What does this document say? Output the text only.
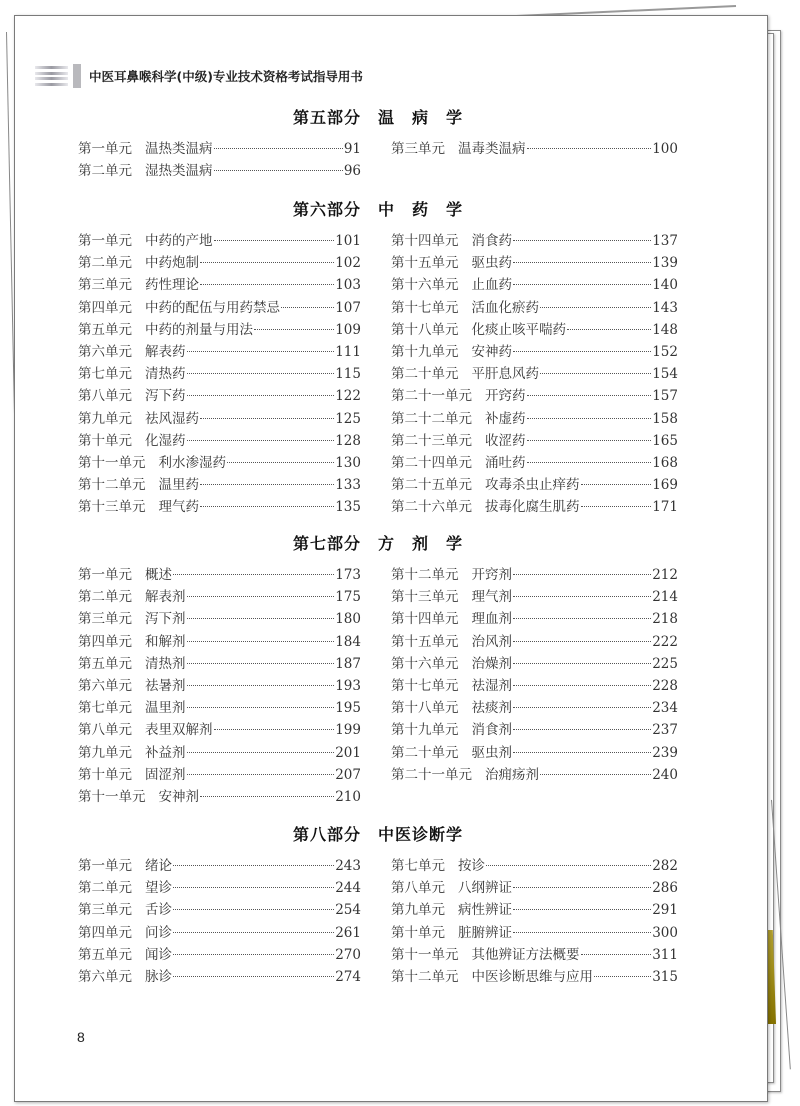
中医耳鼻喉科学(中级)专业技术资格考试指导用书
第五部分　温　病　学
第一单元 温热类温病	91
第二单元 湿热类温病	96
第三单元 温毒类温病	100
第六部分　中　药　学
第一单元 中药的产地	101
第二单元 中药炮制	102
第三单元 药性理论	103
第四单元 中药的配伍与用药禁忌	107
第五单元 中药的剂量与用法	109
第六单元 解表药	111
第七单元 清热药	115
第八单元 泻下药	122
第九单元 祛风湿药	125
第十单元 化湿药	128
第十一单元 利水渗湿药	130
第十二单元 温里药	133
第十三单元 理气药	135
第十四单元 消食药	137
第十五单元 驱虫药	139
第十六单元 止血药	140
第十七单元 活血化瘀药	143
第十八单元 化痰止咳平喘药	148
第十九单元 安神药	152
第二十单元 平肝息风药	154
第二十一单元 开窍药	157
第二十二单元 补虚药	158
第二十三单元 收涩药	165
第二十四单元 涌吐药	168
第二十五单元 攻毒杀虫止痒药	169
第二十六单元 拔毒化腐生肌药	171
第七部分　方　剂　学
第一单元 概述	173
第二单元 解表剂	175
第三单元 泻下剂	180
第四单元 和解剂	184
第五单元 清热剂	187
第六单元 祛暑剂	193
第七单元 温里剂	195
第八单元 表里双解剂	199
第九单元 补益剂	201
第十单元 固涩剂	207
第十一单元 安神剂	210
第十二单元 开窍剂	212
第十三单元 理气剂	214
第十四单元 理血剂	218
第十五单元 治风剂	222
第十六单元 治燥剂	225
第十七单元 祛湿剂	228
第十八单元 祛痰剂	234
第十九单元 消食剂	237
第二十单元 驱虫剂	239
第二十一单元 治痈疡剂	240
第八部分　中医诊断学
第一单元 绪论	243
第二单元 望诊	244
第三单元 舌诊	254
第四单元 问诊	261
第五单元 闻诊	270
第六单元 脉诊	274
第七单元 按诊	282
第八单元 八纲辨证	286
第九单元 病性辨证	291
第十单元 脏腑辨证	300
第十一单元 其他辨证方法概要	311
第十二单元 中医诊断思维与应用	315
8
